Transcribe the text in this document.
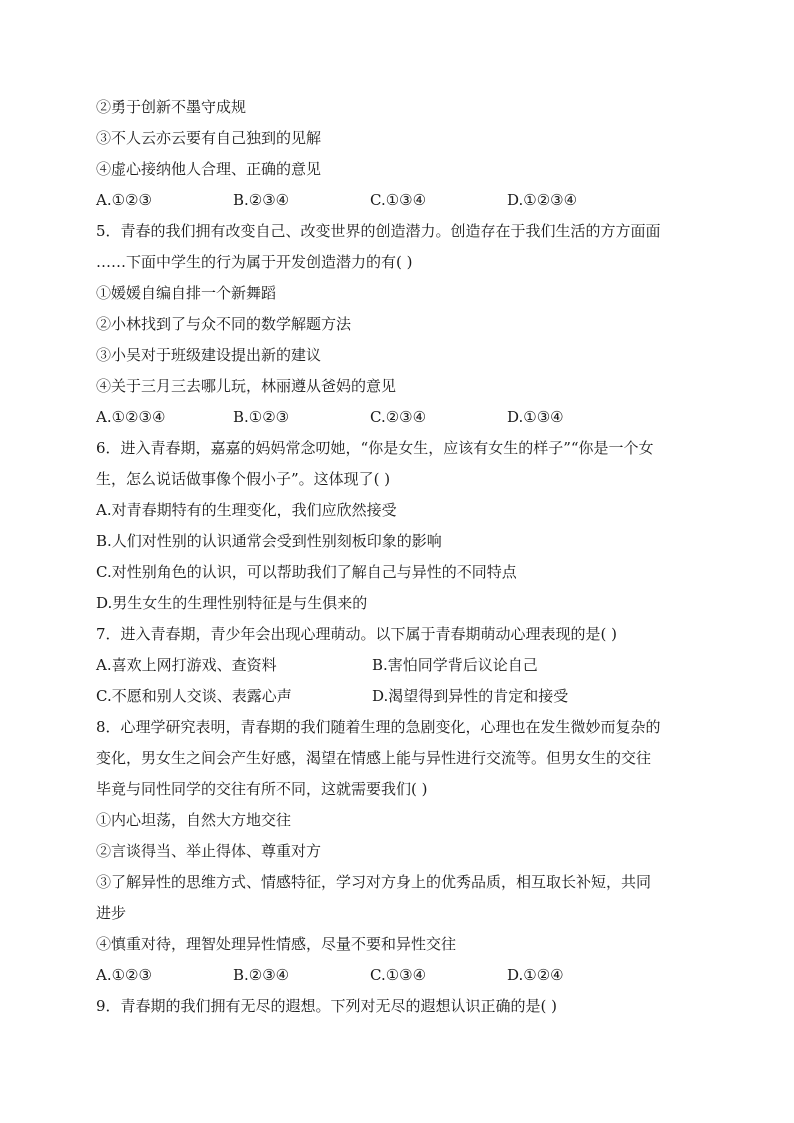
②勇于创新不墨守成规
③不人云亦云要有自己独到的见解
④虚心接纳他人合理、正确的意见
A.①②③	B.②③④	C.①③④	D.①②③④
5．青春的我们拥有改变自己、改变世界的创造潜力。创造存在于我们生活的方方面面
……下面中学生的行为属于开发创造潜力的有( )
①媛媛自编自排一个新舞蹈
②小林找到了与众不同的数学解题方法
③小吴对于班级建设提出新的建议
④关于三月三去哪儿玩，林丽遵从爸妈的意见
A.①②③④	B.①②③	C.②③④	D.①③④
6．进入青春期，嘉嘉的妈妈常念叨她，“你是女生，应该有女生的样子”“你是一个女
生，怎么说话做事像个假小子”。这体现了( )
A.对青春期特有的生理变化，我们应欣然接受
B.人们对性别的认识通常会受到性别刻板印象的影响
C.对性别角色的认识，可以帮助我们了解自己与异性的不同特点
D.男生女生的生理性别特征是与生俱来的
7．进入青春期，青少年会出现心理萌动。以下属于青春期萌动心理表现的是( )
A.喜欢上网打游戏、查资料	B.害怕同学背后议论自己
C.不愿和别人交谈、表露心声	D.渴望得到异性的肯定和接受
8．心理学研究表明，青春期的我们随着生理的急剧变化，心理也在发生微妙而复杂的
变化，男女生之间会产生好感，渴望在情感上能与异性进行交流等。但男女生的交往
毕竟与同性同学的交往有所不同，这就需要我们( )
①内心坦荡，自然大方地交往
②言谈得当、举止得体、尊重对方
③了解异性的思维方式、情感特征，学习对方身上的优秀品质，相互取长补短，共同
进步
④慎重对待，理智处理异性情感，尽量不要和异性交往
A.①②③	B.②③④	C.①③④	D.①②④
9．青春期的我们拥有无尽的遐想。下列对无尽的遐想认识正确的是( )
